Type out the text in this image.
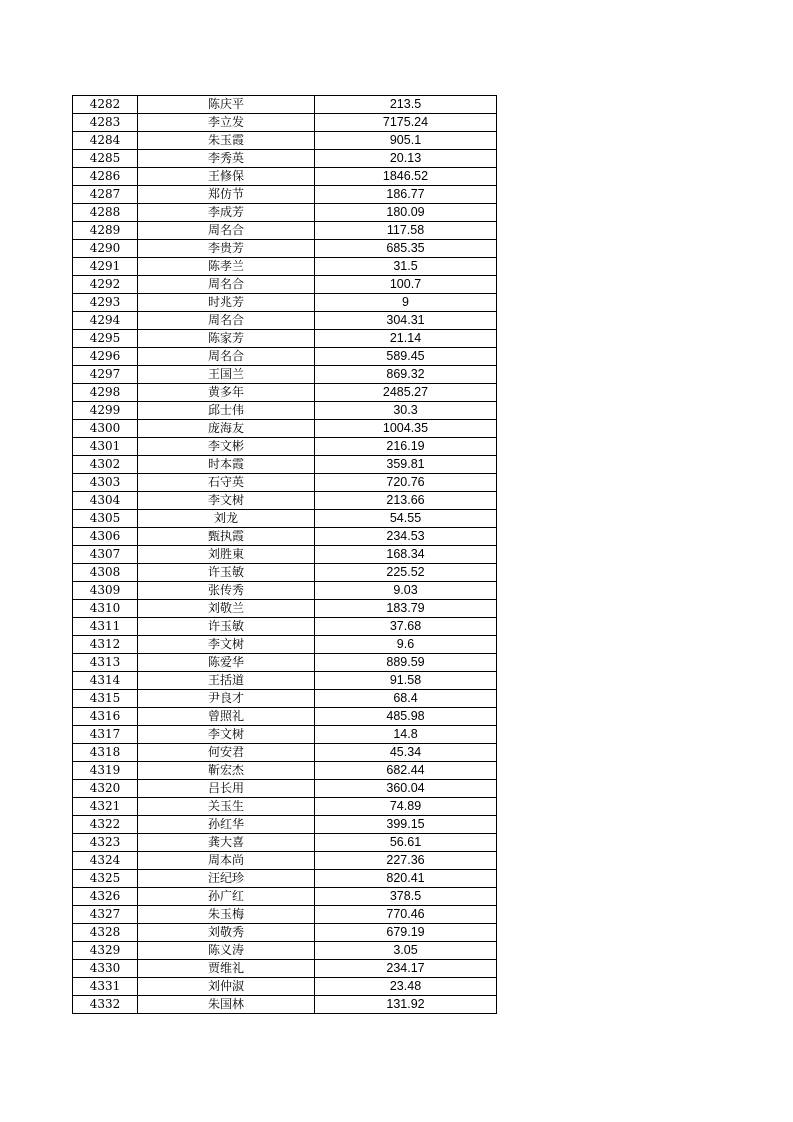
4282	陈庆平	213.5
4283	李立发	7175.24
4284	朱玉霞	905.1
4285	李秀英	20.13
4286	王修保	1846.52
4287	郑仿节	186.77
4288	李成芳	180.09
4289	周名合	117.58
4290	李贵芳	685.35
4291	陈孝兰	31.5
4292	周名合	100.7
4293	时兆芳	9
4294	周名合	304.31
4295	陈家芳	21.14
4296	周名合	589.45
4297	王国兰	869.32
4298	黄多年	2485.27
4299	邱士伟	30.3
4300	庞海友	1004.35
4301	李文彬	216.19
4302	时本霞	359.81
4303	石守英	720.76
4304	李文树	213.66
4305	刘龙	54.55
4306	甄执霞	234.53
4307	刘胜東	168.34
4308	许玉敏	225.52
4309	张传秀	9.03
4310	刘敬兰	183.79
4311	许玉敏	37.68
4312	李文树	9.6
4313	陈爱华	889.59
4314	王括道	91.58
4315	尹良才	68.4
4316	曾照礼	485.98
4317	李文树	14.8
4318	何安君	45.34
4319	靳宏杰	682.44
4320	吕长用	360.04
4321	关玉生	74.89
4322	孙红华	399.15
4323	龚大喜	56.61
4324	周本尚	227.36
4325	汪纪珍	820.41
4326	孙广红	378.5
4327	朱玉梅	770.46
4328	刘敬秀	679.19
4329	陈义涛	3.05
4330	贾维礼	234.17
4331	刘仲淑	23.48
4332	朱国林	131.92
